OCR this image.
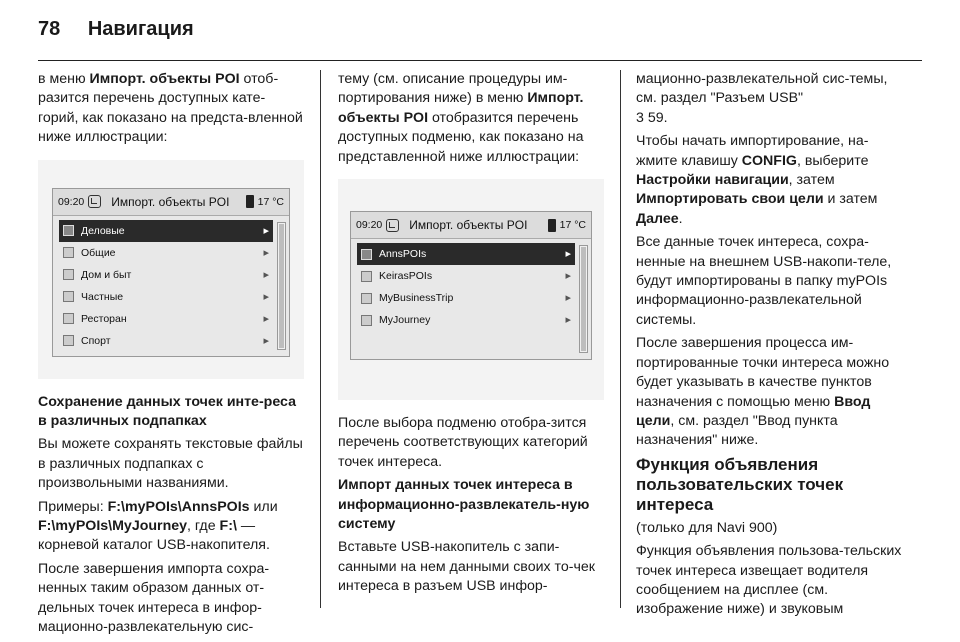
78 Навигация

в меню Импорт. объекты POI отоб-разится перечень доступных кате-горий, как показано на предста-вленной ниже иллюстрации:

09:20 Импорт. объекты POI	17 °C
Деловые	▸
Общие	▸
Дом и быт	▸
Частные	▸
Ресторан	▸
Спорт	▸

Сохранение данных точек инте-реса в различных подпапках

Вы можете сохранять текстовые файлы в различных подпапках с произвольными названиями.

Примеры: F:\myPOIs\AnnsPOIs или F:\myPOIs\MyJourney, где F:\ — корневой каталог USB-накопителя.

После завершения импорта сохра-ненных таким образом данных от-дельных точек интереса в инфор-мационно-развлекательную сис-

тему (см. описание процедуры им-портирования ниже) в меню Импорт. объекты POI отобразится перечень доступных подменю, как показано на представленной ниже иллюстрации:

09:20 Импорт. объекты POI	17 °C
AnnsPOIs	▸
KeirasPOIs	▸
MyBusinessTrip	▸
MyJourney	▸

После выбора подменю отобра-зится перечень соответствующих категорий точек интереса.

Импорт данных точек интереса в информационно-развлекатель-ную систему

Вставьте USB-накопитель с запи-санными на нем данными своих то-чек интереса в разъем USB инфор-

мационно-развлекательной сис-темы, см. раздел "Разъем USB"
3 59.

Чтобы начать импортирование, на-жмите клавишу CONFIG, выберите Настройки навигации, затем Импортировать свои цели и затем Далее.

Все данные точек интереса, сохра-ненные на внешнем USB-накопи-теле, будут импортированы в папку myPOIs информационно-развлекательной системы.

После завершения процесса им-портированные точки интереса можно будет указывать в качестве пунктов назначения с помощью меню Ввод цели, см. раздел "Ввод пункта назначения" ниже.

Функция объявления пользовательских точек интереса

(только для Navi 900)

Функция объявления пользова-тельских точек интереса извещает водителя сообщением на дисплее (см. изображение ниже) и звуковым
